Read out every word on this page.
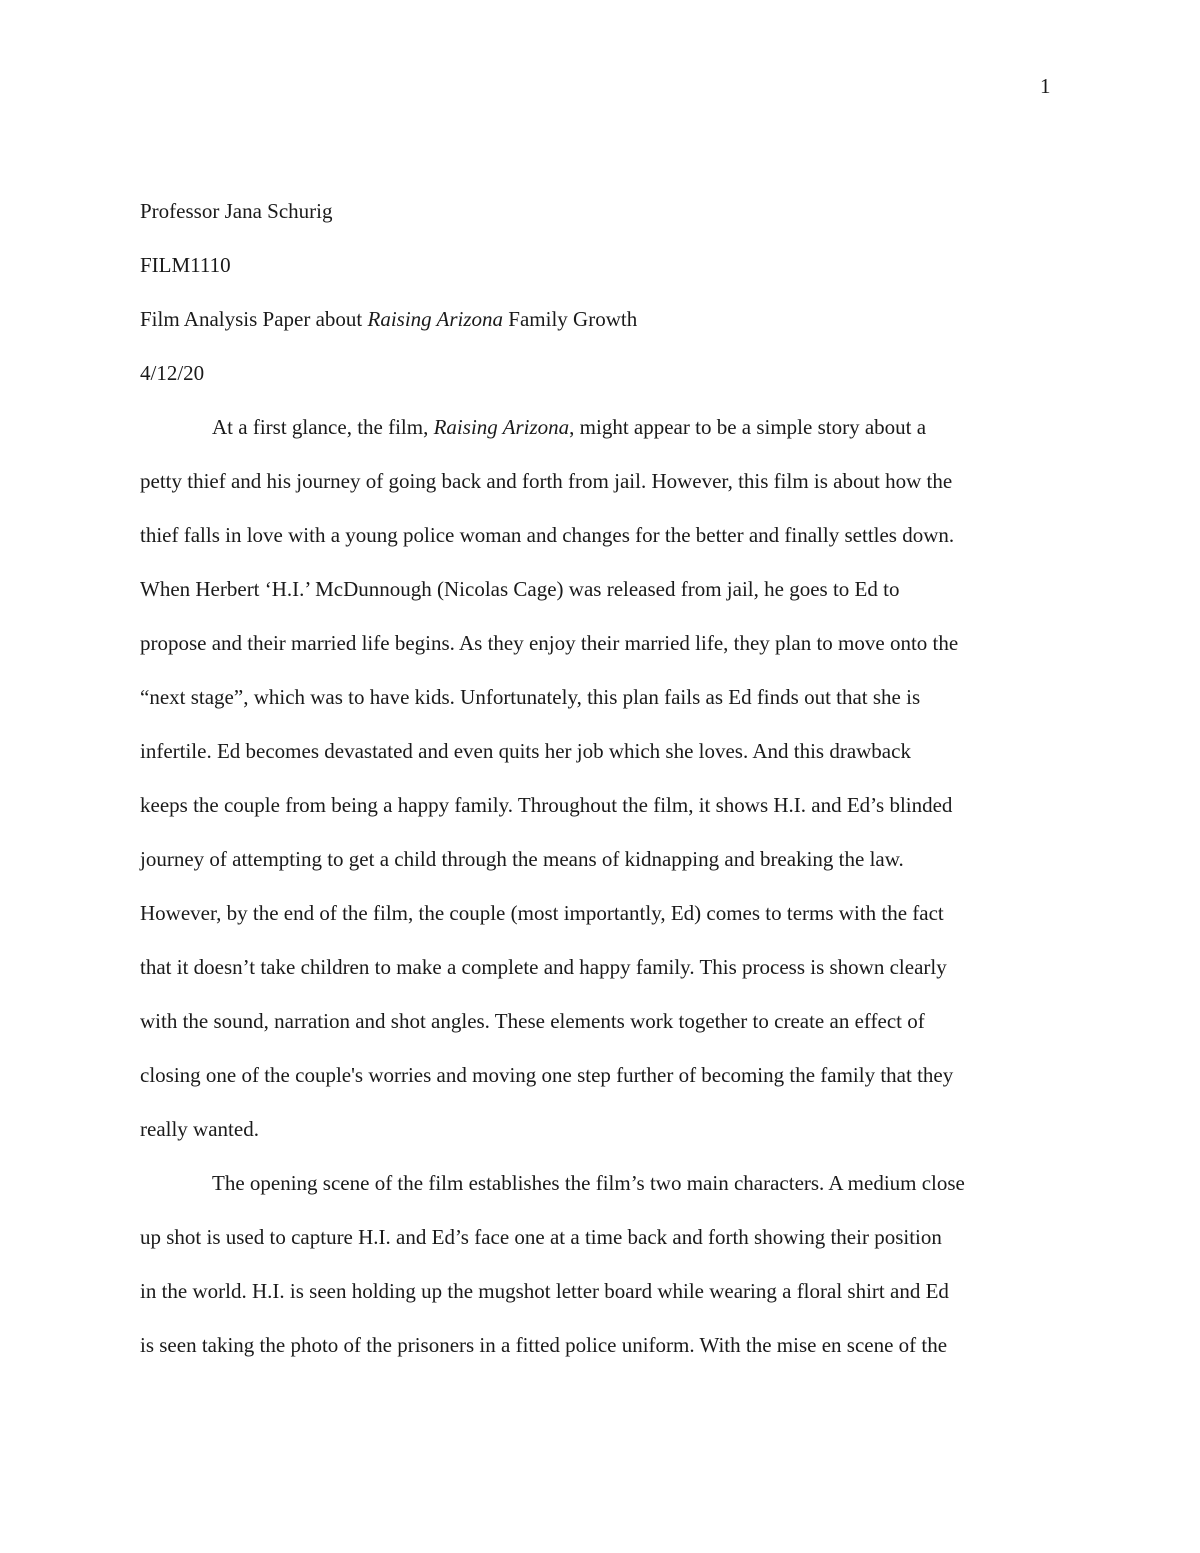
1
Professor Jana Schurig
FILM1110
Film Analysis Paper about Raising Arizona Family Growth
4/12/20
At a first glance, the film, Raising Arizona, might appear to be a simple story about a
petty thief and his journey of going back and forth from jail. However, this film is about how the
thief falls in love with a young police woman and changes for the better and finally settles down.
When Herbert ‘H.I.’ McDunnough (Nicolas Cage) was released from jail, he goes to Ed to
propose and their married life begins. As they enjoy their married life, they plan to move onto the
“next stage”, which was to have kids. Unfortunately, this plan fails as Ed finds out that she is
infertile. Ed becomes devastated and even quits her job which she loves. And this drawback
keeps the couple from being a happy family. Throughout the film, it shows H.I. and Ed’s blinded
journey of attempting to get a child through the means of kidnapping and breaking the law.
However, by the end of the film, the couple (most importantly, Ed) comes to terms with the fact
that it doesn’t take children to make a complete and happy family. This process is shown clearly
with the sound, narration and shot angles. These elements work together to create an effect of
closing one of the couple's worries and moving one step further of becoming the family that they
really wanted.
The opening scene of the film establishes the film’s two main characters. A medium close
up shot is used to capture H.I. and Ed’s face one at a time back and forth showing their position
in the world. H.I. is seen holding up the mugshot letter board while wearing a floral shirt and Ed
is seen taking the photo of the prisoners in a fitted police uniform. With the mise en scene of the
